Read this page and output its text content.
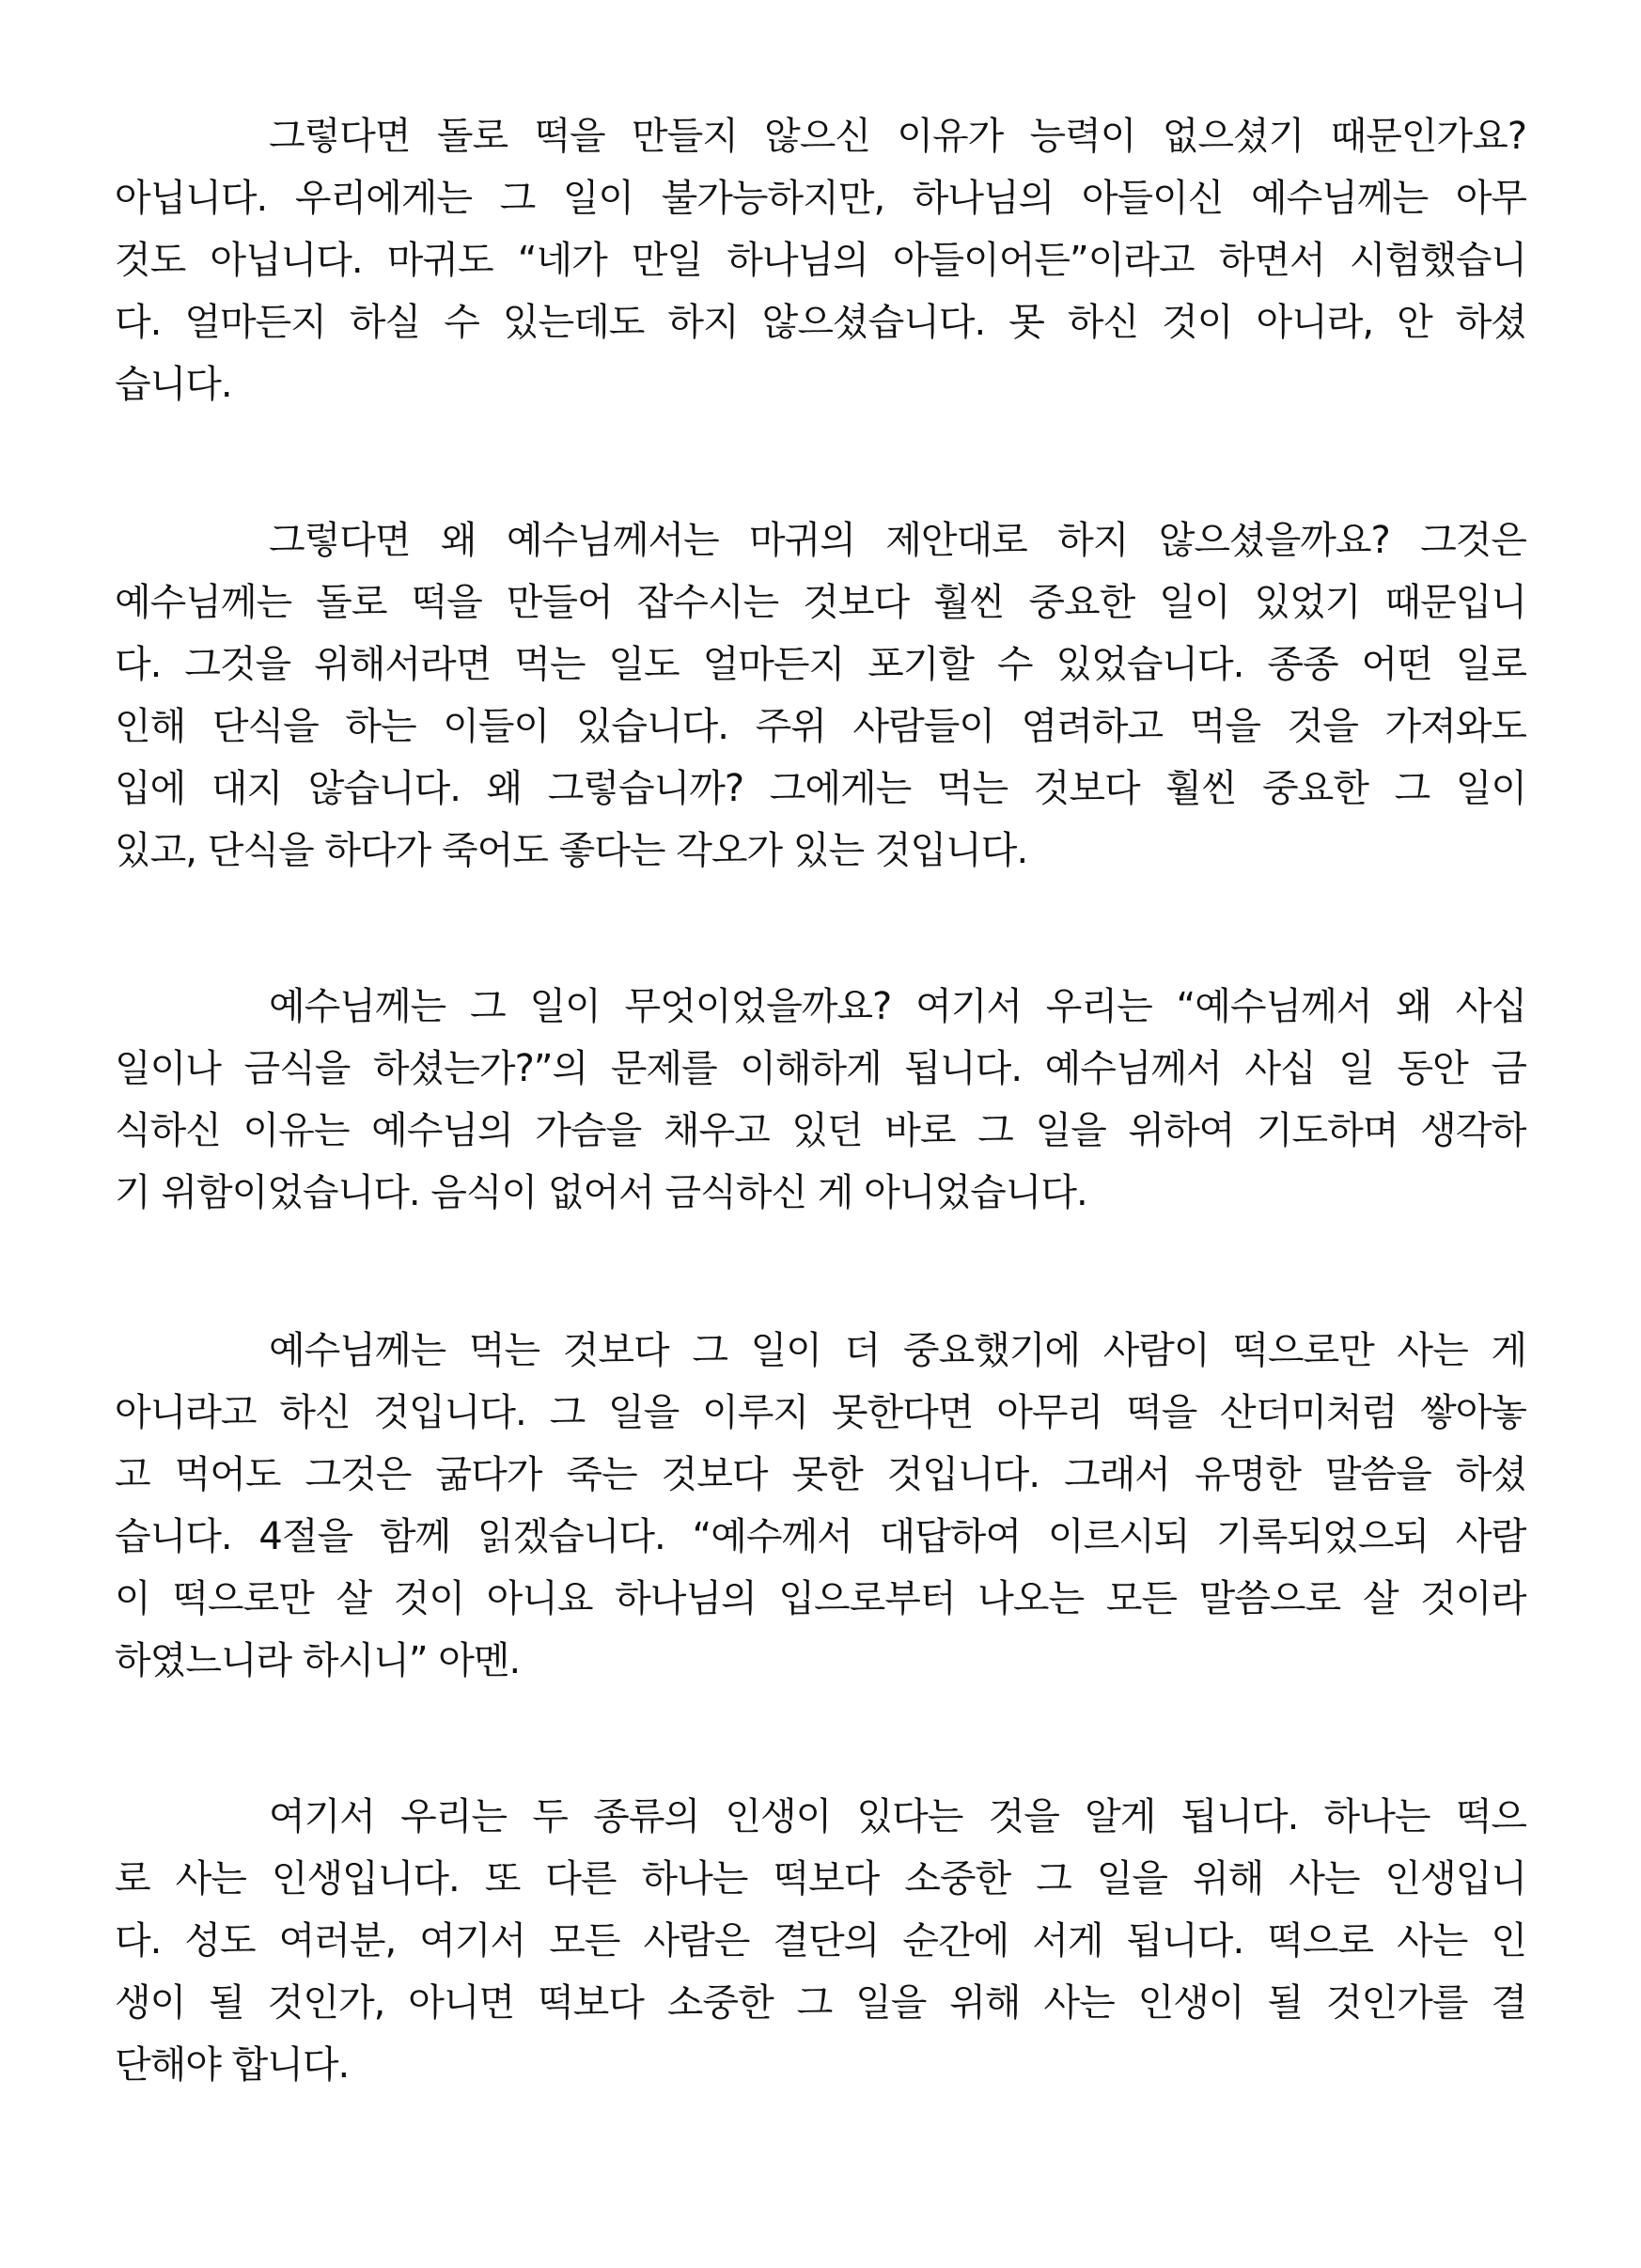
그렇다면 돌로 떡을 만들지 않으신 이유가 능력이 없으셨기 때문인가요?
아닙니다. 우리에게는 그 일이 불가능하지만, 하나님의 아들이신 예수님께는 아무
것도 아닙니다. 마귀도 “네가 만일 하나님의 아들이어든”이라고 하면서 시험했습니
다. 얼마든지 하실 수 있는데도 하지 않으셨습니다. 못 하신 것이 아니라, 안 하셨
습니다.
그렇다면 왜 예수님께서는 마귀의 제안대로 하지 않으셨을까요? 그것은
예수님께는 돌로 떡을 만들어 잡수시는 것보다 훨씬 중요한 일이 있었기 때문입니
다. 그것을 위해서라면 먹는 일도 얼마든지 포기할 수 있었습니다. 종종 어떤 일로
인해 단식을 하는 이들이 있습니다. 주위 사람들이 염려하고 먹을 것을 가져와도
입에 대지 않습니다. 왜 그렇습니까? 그에게는 먹는 것보다 훨씬 중요한 그 일이
있고, 단식을 하다가 죽어도 좋다는 각오가 있는 것입니다.
예수님께는 그 일이 무엇이었을까요? 여기서 우리는 “예수님께서 왜 사십
일이나 금식을 하셨는가?”의 문제를 이해하게 됩니다. 예수님께서 사십 일 동안 금
식하신 이유는 예수님의 가슴을 채우고 있던 바로 그 일을 위하여 기도하며 생각하
기 위함이었습니다. 음식이 없어서 금식하신 게 아니었습니다.
예수님께는 먹는 것보다 그 일이 더 중요했기에 사람이 떡으로만 사는 게
아니라고 하신 것입니다. 그 일을 이루지 못한다면 아무리 떡을 산더미처럼 쌓아놓
고 먹어도 그것은 굶다가 죽는 것보다 못한 것입니다. 그래서 유명한 말씀을 하셨
습니다. 4절을 함께 읽겠습니다. “예수께서 대답하여 이르시되 기록되었으되 사람
이 떡으로만 살 것이 아니요 하나님의 입으로부터 나오는 모든 말씀으로 살 것이라
하였느니라 하시니” 아멘.
여기서 우리는 두 종류의 인생이 있다는 것을 알게 됩니다. 하나는 떡으
로 사는 인생입니다. 또 다른 하나는 떡보다 소중한 그 일을 위해 사는 인생입니
다. 성도 여러분, 여기서 모든 사람은 결단의 순간에 서게 됩니다. 떡으로 사는 인
생이 될 것인가, 아니면 떡보다 소중한 그 일을 위해 사는 인생이 될 것인가를 결
단해야 합니다.
